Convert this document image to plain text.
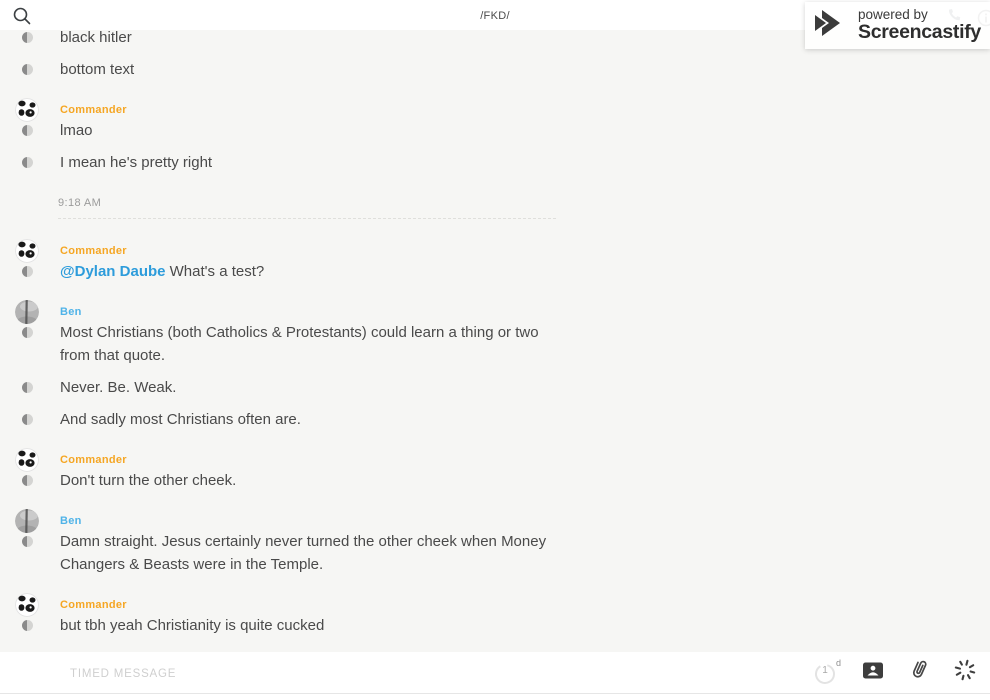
/FKD/	powered by
Screencastify
black hitler
bottom text
Commander
lmao
I mean he's pretty right
9:18 AM
Commander
@Dylan Daube What's a test?
Ben
Most Christians (both Catholics & Protestants) could learn a thing or two from that quote.
Never. Be. Weak.
And sadly most Christians often are.
Commander
Don't turn the other cheek.
Ben
Damn straight. Jesus certainly never turned the other cheek when Money Changers & Beasts were in the Temple.
Commander
but tbh yeah Christianity is quite cucked
TIMED MESSAGE
1
d
